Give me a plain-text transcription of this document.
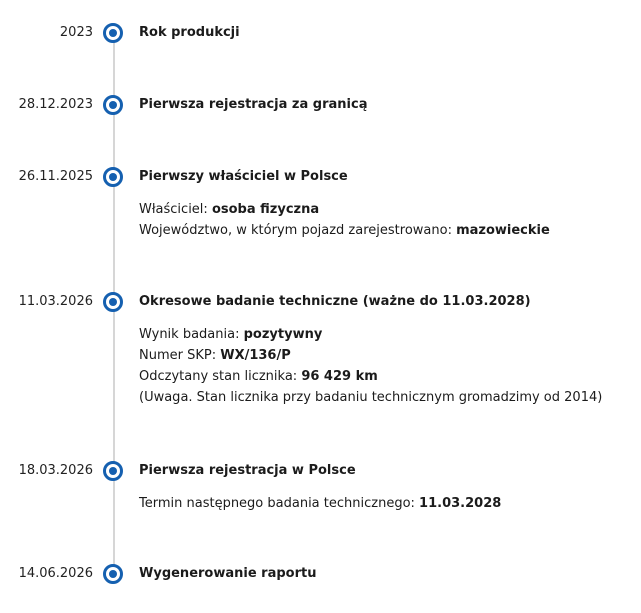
2023	Rok produkcji
28.12.2023	Pierwsza rejestracja za granicą
26.11.2025	Pierwszy właściciel w Polsce
Właściciel: osoba fizyczna
Województwo, w którym pojazd zarejestrowano: mazowieckie
11.03.2026	Okresowe badanie techniczne (ważne do 11.03.2028)
Wynik badania: pozytywny
Numer SKP: WX/136/P
Odczytany stan licznika: 96 429 km
(Uwaga. Stan licznika przy badaniu technicznym gromadzimy od 2014)
18.03.2026	Pierwsza rejestracja w Polsce
Termin następnego badania technicznego: 11.03.2028
14.06.2026	Wygenerowanie raportu
